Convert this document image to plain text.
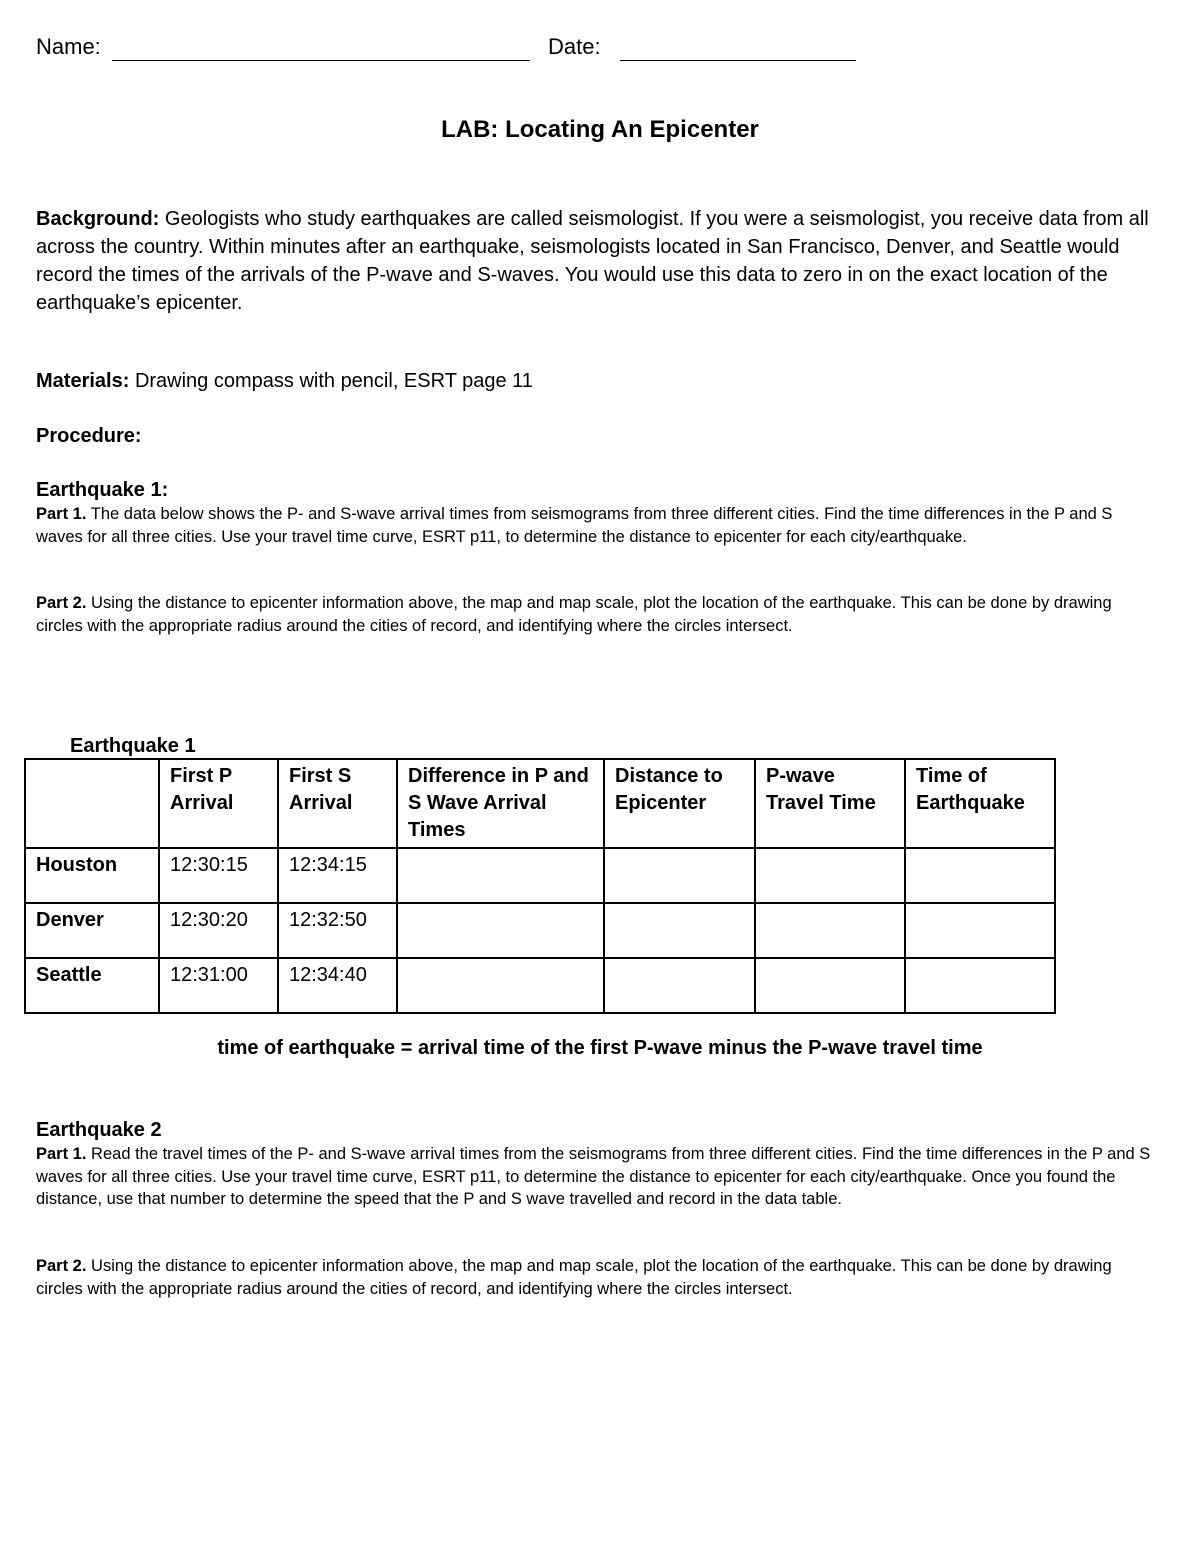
Name:	Date:
LAB: Locating An Epicenter
Background: Geologists who study earthquakes are called seismologist. If you were a seismologist, you receive data from all across the country. Within minutes after an earthquake, seismologists located in San Francisco, Denver, and Seattle would record the times of the arrivals of the P-wave and S-waves. You would use this data to zero in on the exact location of the earthquake’s epicenter.
Materials: Drawing compass with pencil, ESRT page 11
Procedure:
Earthquake 1:
Part 1. The data below shows the P- and S-wave arrival times from seismograms from three different cities. Find the time differences in the P and S waves for all three cities. Use your travel time curve, ESRT p11, to determine the distance to epicenter for each city/earthquake.
Part 2. Using the distance to epicenter information above, the map and map scale, plot the location of the earthquake. This can be done by drawing circles with the appropriate radius around the cities of record, and identifying where the circles intersect.
Earthquake 1
	First P Arrival	First S Arrival	Difference in P and S Wave Arrival Times	Distance to Epicenter	P-wave Travel Time	Time of Earthquake
Houston	12:30:15	12:34:15				
Denver	12:30:20	12:32:50				
Seattle	12:31:00	12:34:40				
time of earthquake = arrival time of the first P-wave minus the P-wave travel time
Earthquake 2
Part 1. Read the travel times of the P- and S-wave arrival times from the seismograms from three different cities. Find the time differences in the P and S waves for all three cities. Use your travel time curve, ESRT p11, to determine the distance to epicenter for each city/earthquake. Once you found the distance, use that number to determine the speed that the P and S wave travelled and record in the data table.
Part 2. Using the distance to epicenter information above, the map and map scale, plot the location of the earthquake. This can be done by drawing circles with the appropriate radius around the cities of record, and identifying where the circles intersect.
